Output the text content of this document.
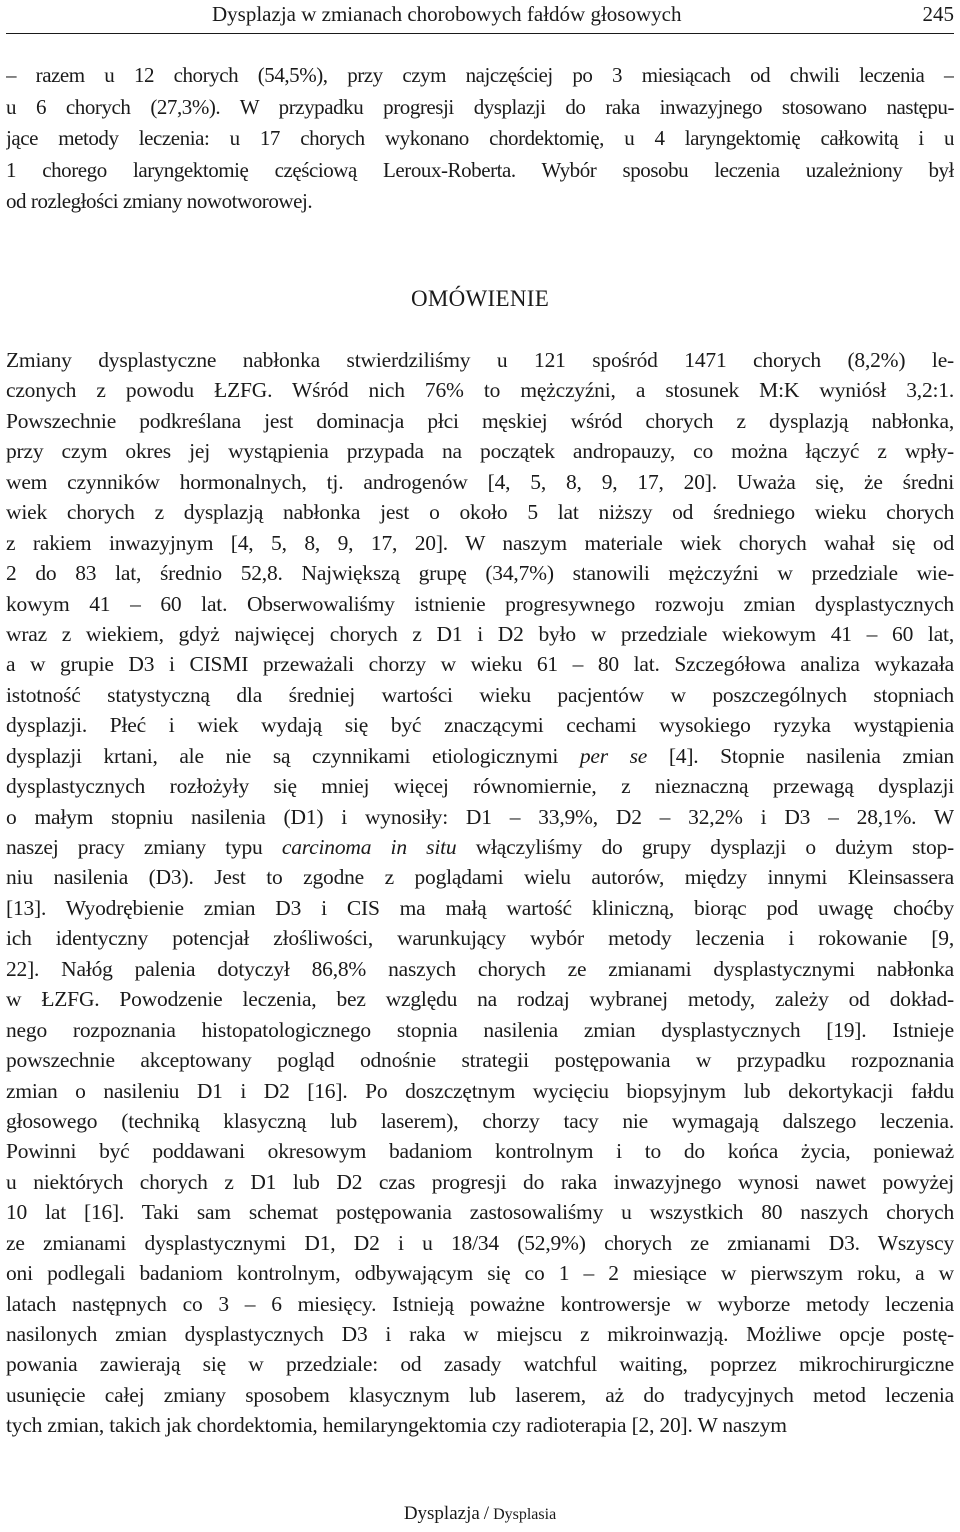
Dysplazja w zmianach chorobowych fałdów głosowych	245
– razem u 12 chorych (54,5%), przy czym najczęściej po 3 miesiącach od chwili leczenia –
u 6 chorych (27,3%). W przypadku progresji dysplazji do raka inwazyjnego stosowano następu-
jące metody leczenia: u 17 chorych wykonano chordektomię, u 4 laryngektomię całkowitą i u
1 chorego laryngektomię częściową Leroux-Roberta. Wybór sposobu leczenia uzależniony był
od rozległości zmiany nowotworowej.
OMÓWIENIE
Zmiany dysplastyczne nabłonka stwierdziliśmy u 121 spośród 1471 chorych (8,2%) le-
czonych z powodu ŁZFG. Wśród nich 76% to mężczyźni, a stosunek M:K wyniósł 3,2:1.
Powszechnie podkreślana jest dominacja płci męskiej wśród chorych z dysplazją nabłonka,
przy czym okres jej wystąpienia przypada na początek andropauzy, co można łączyć z wpły-
wem czynników hormonalnych, tj. androgenów [4, 5, 8, 9, 17, 20]. Uważa się, że średni
wiek chorych z dysplazją nabłonka jest o około 5 lat niższy od średniego wieku chorych
z rakiem inwazyjnym [4, 5, 8, 9, 17, 20]. W naszym materiale wiek chorych wahał się od
2 do 83 lat, średnio 52,8. Największą grupę (34,7%) stanowili mężczyźni w przedziale wie-
kowym 41 – 60 lat. Obserwowaliśmy istnienie progresywnego rozwoju zmian dysplastycznych
wraz z wiekiem, gdyż najwięcej chorych z D1 i D2 było w przedziale wiekowym 41 – 60 lat,
a w grupie D3 i CISMI przeważali chorzy w wieku 61 – 80 lat. Szczegółowa analiza wykazała
istotność statystyczną dla średniej wartości wieku pacjentów w poszczególnych stopniach
dysplazji. Płeć i wiek wydają się być znaczącymi cechami wysokiego ryzyka wystąpienia
dysplazji krtani, ale nie są czynnikami etiologicznymi per se [4]. Stopnie nasilenia zmian
dysplastycznych rozłożyły się mniej więcej równomiernie, z nieznaczną przewagą dysplazji
o małym stopniu nasilenia (D1) i wynosiły: D1 – 33,9%, D2 – 32,2% i D3 – 28,1%. W
naszej pracy zmiany typu carcinoma in situ włączyliśmy do grupy dysplazji o dużym stop-
niu nasilenia (D3). Jest to zgodne z poglądami wielu autorów, między innymi Kleinsassera
[13]. Wyodrębienie zmian D3 i CIS ma małą wartość kliniczną, biorąc pod uwagę choćby
ich identyczny potencjał złośliwości, warunkujący wybór metody leczenia i rokowanie [9,
22]. Nałóg palenia dotyczył 86,8% naszych chorych ze zmianami dysplastycznymi nabłonka
w ŁZFG. Powodzenie leczenia, bez względu na rodzaj wybranej metody, zależy od dokład-
nego rozpoznania histopatologicznego stopnia nasilenia zmian dysplastycznych [19]. Istnieje
powszechnie akceptowany pogląd odnośnie strategii postępowania w przypadku rozpoznania
zmian o nasileniu D1 i D2 [16]. Po doszczętnym wycięciu biopsyjnym lub dekortykacji fałdu
głosowego (techniką klasyczną lub laserem), chorzy tacy nie wymagają dalszego leczenia.
Powinni być poddawani okresowym badaniom kontrolnym i to do końca życia, ponieważ
u niektórych chorych z D1 lub D2 czas progresji do raka inwazyjnego wynosi nawet powyżej
10 lat [16]. Taki sam schemat postępowania zastosowaliśmy u wszystkich 80 naszych chorych
ze zmianami dysplastycznymi D1, D2 i u 18/34 (52,9%) chorych ze zmianami D3. Wszyscy
oni podlegali badaniom kontrolnym, odbywającym się co 1 – 2 miesiące w pierwszym roku, a w
latach następnych co 3 – 6 miesięcy. Istnieją poważne kontrowersje w wyborze metody leczenia
nasilonych zmian dysplastycznych D3 i raka w miejscu z mikroinwazją. Możliwe opcje postę-
powania zawierają się w przedziale: od zasady watchful waiting, poprzez mikrochirurgiczne
usunięcie całej zmiany sposobem klasycznym lub laserem, aż do tradycyjnych metod leczenia
tych zmian, takich jak chordektomia, hemilaryngektomia czy radioterapia [2, 20]. W naszym
Dysplazja / Dysplasia
